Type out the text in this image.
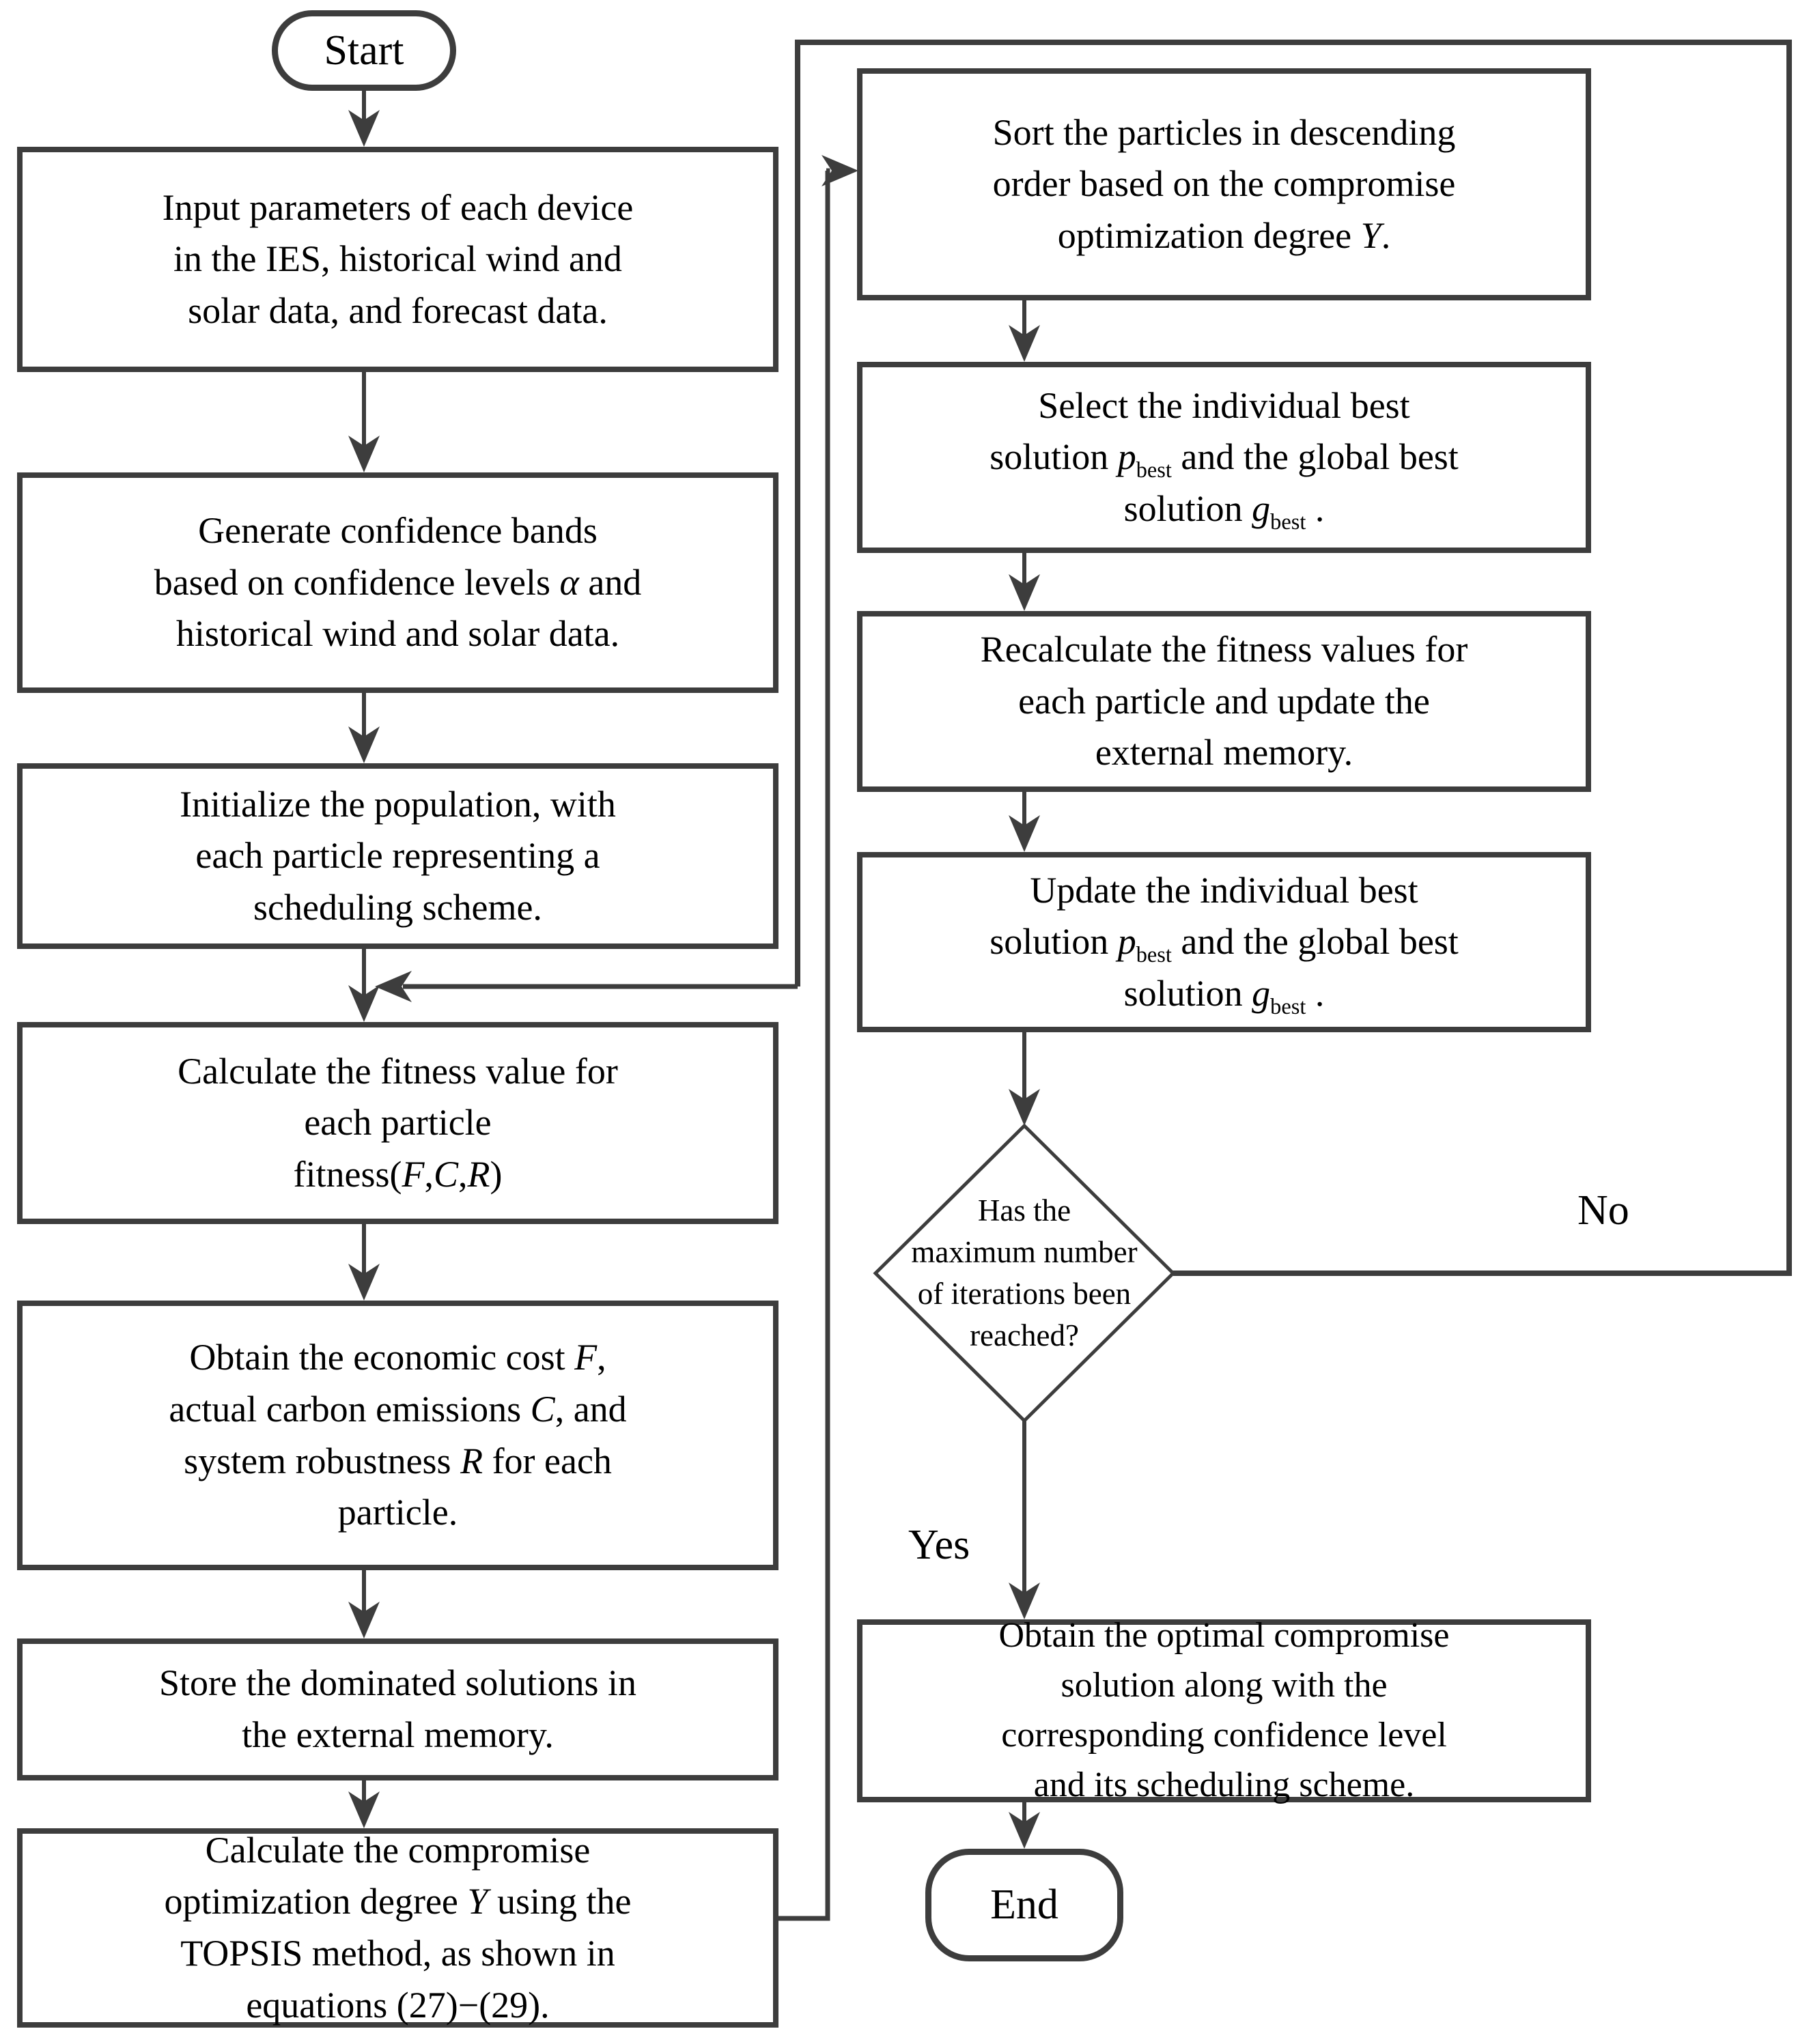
Start
Input parameters of each device
in the IES, historical wind and
solar data, and forecast data.
Generate confidence bands
based on confidence levels α and
historical wind and solar data.
Initialize the population, with
each particle representing a
scheduling scheme.
Calculate the fitness value for
each particle
fitness(F,C,R)
Obtain the economic cost F,
actual carbon emissions C, and
system robustness R for each
particle.
Store the dominated solutions in
the external memory.
Calculate the compromise
optimization degree Y using the
TOPSIS method, as shown in
equations (27)−(29).
Sort the particles in descending
order based on the compromise
optimization degree Y.
Select the individual best
solution $p_{best}$ and the global best
solution $g_{best}$ .
Recalculate the fitness values for
each particle and update the
external memory.
Update the individual best
solution $p_{best}$ and the global best
solution $g_{best}$ .
Has the
maximum number
of iterations been
reached?
Obtain the optimal compromise
solution along with the
corresponding confidence level
and its scheduling scheme.
End
Yes
No
